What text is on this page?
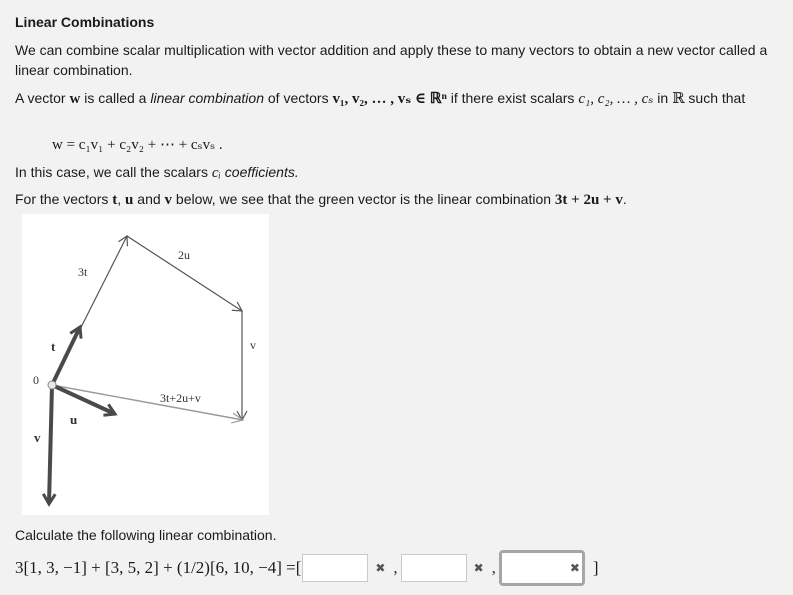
Linear Combinations

We can combine scalar multiplication with vector addition and apply these to many vectors to obtain a new vector called a linear combination.

A vector w is called a linear combination of vectors v₁, v₂, … , vₛ ∈ ℝⁿ if there exist scalars c₁, c₂, … , cₛ in ℝ such that

w = c₁v₁ + c₂v₂ + ⋯ + cₛvₛ .

In this case, we call the scalars cᵢ coefficients.

For the vectors t, u and v below, we see that the green vector is the linear combination 3t + 2u + v.

3t
2u
v
t
0
u
v
3t+2u+v

Calculate the following linear combination.

3[1, 3, −1] + [3, 5, 2] + (1/2)[6, 10, −4] =[	✖ ,	✖ ,	✖ ]
